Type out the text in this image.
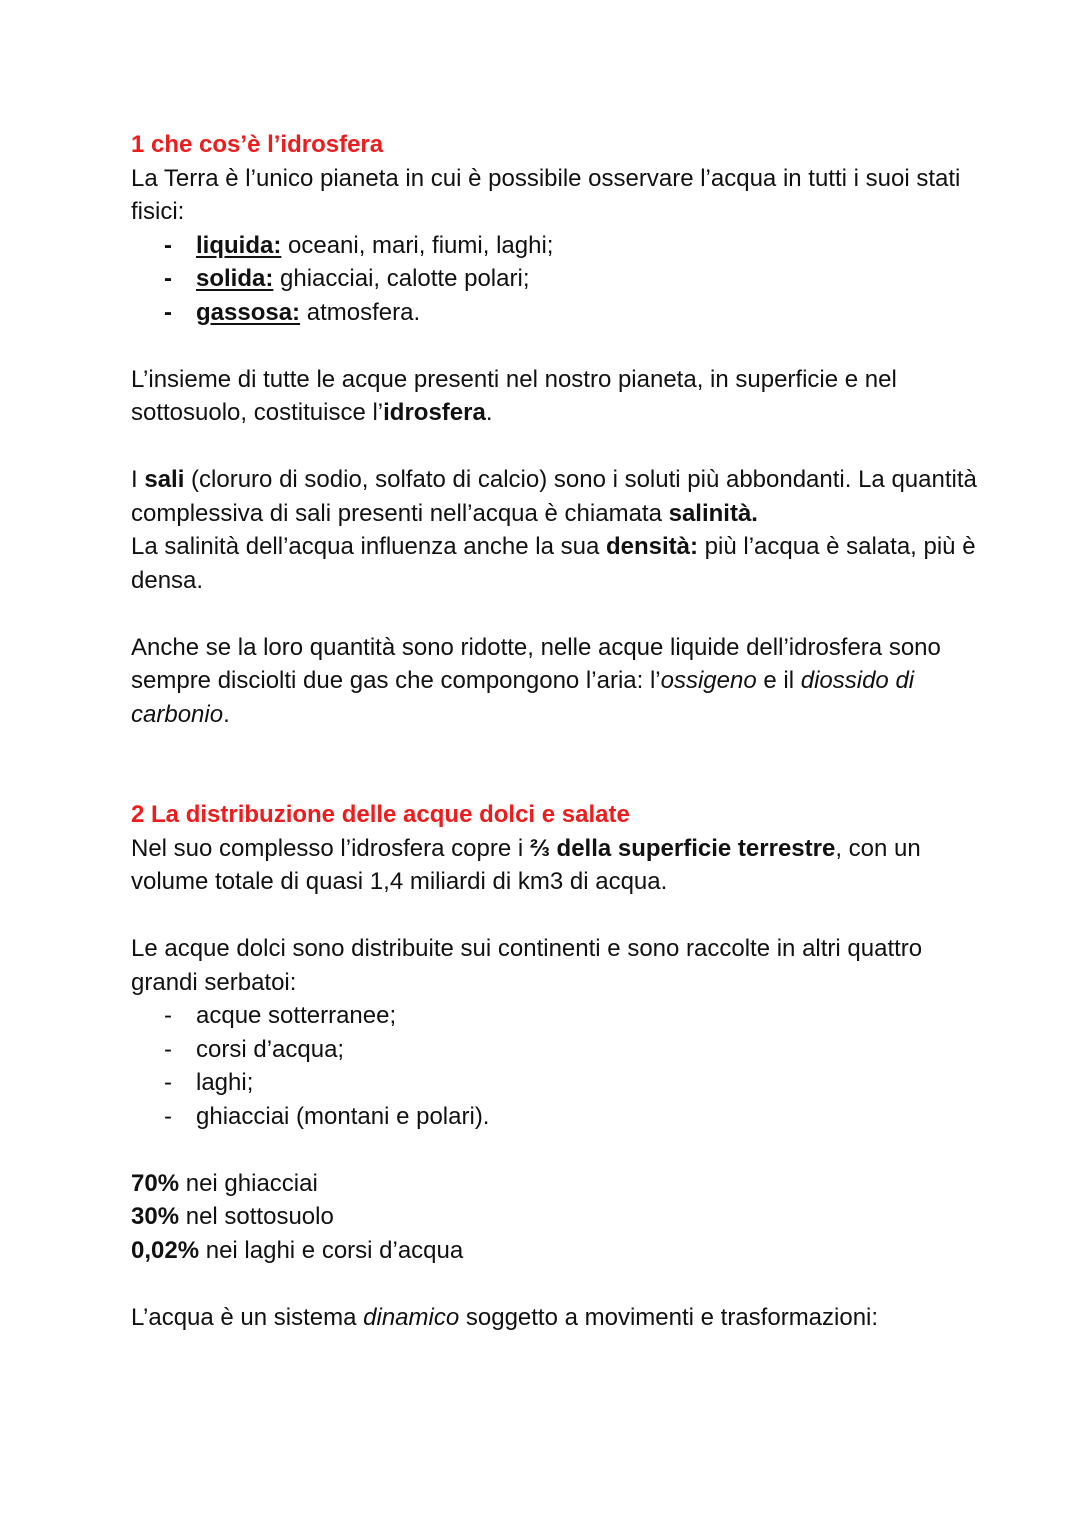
1 che cos’è l’idrosfera

La Terra è l’unico pianeta in cui è possibile osservare l’acqua in tutti i suoi stati fisici:

- liquida: oceani, mari, fiumi, laghi;
- solida: ghiacciai, calotte polari;
- gassosa: atmosfera.

L’insieme di tutte le acque presenti nel nostro pianeta, in superficie e nel sottosuolo, costituisce l’idrosfera.

I sali (cloruro di sodio, solfato di calcio) sono i soluti più abbondanti. La quantità complessiva di sali presenti nell’acqua è chiamata salinità.

La salinità dell’acqua influenza anche la sua densità: più l’acqua è salata, più è densa.

Anche se la loro quantità sono ridotte, nelle acque liquide dell’idrosfera sono sempre disciolti due gas che compongono l’aria: l’ossigeno e il diossido di carbonio.

2 La distribuzione delle acque dolci e salate

Nel suo complesso l’idrosfera copre i ⅔ della superficie terrestre, con un volume totale di quasi 1,4 miliardi di km3 di acqua.

Le acque dolci sono distribuite sui continenti e sono raccolte in altri quattro grandi serbatoi:

- acque sotterranee;
- corsi d’acqua;
- laghi;
- ghiacciai (montani e polari).

70% nei ghiacciai

30% nel sottosuolo

0,02% nei laghi e corsi d’acqua

L’acqua è un sistema dinamico soggetto a movimenti e trasformazioni:
